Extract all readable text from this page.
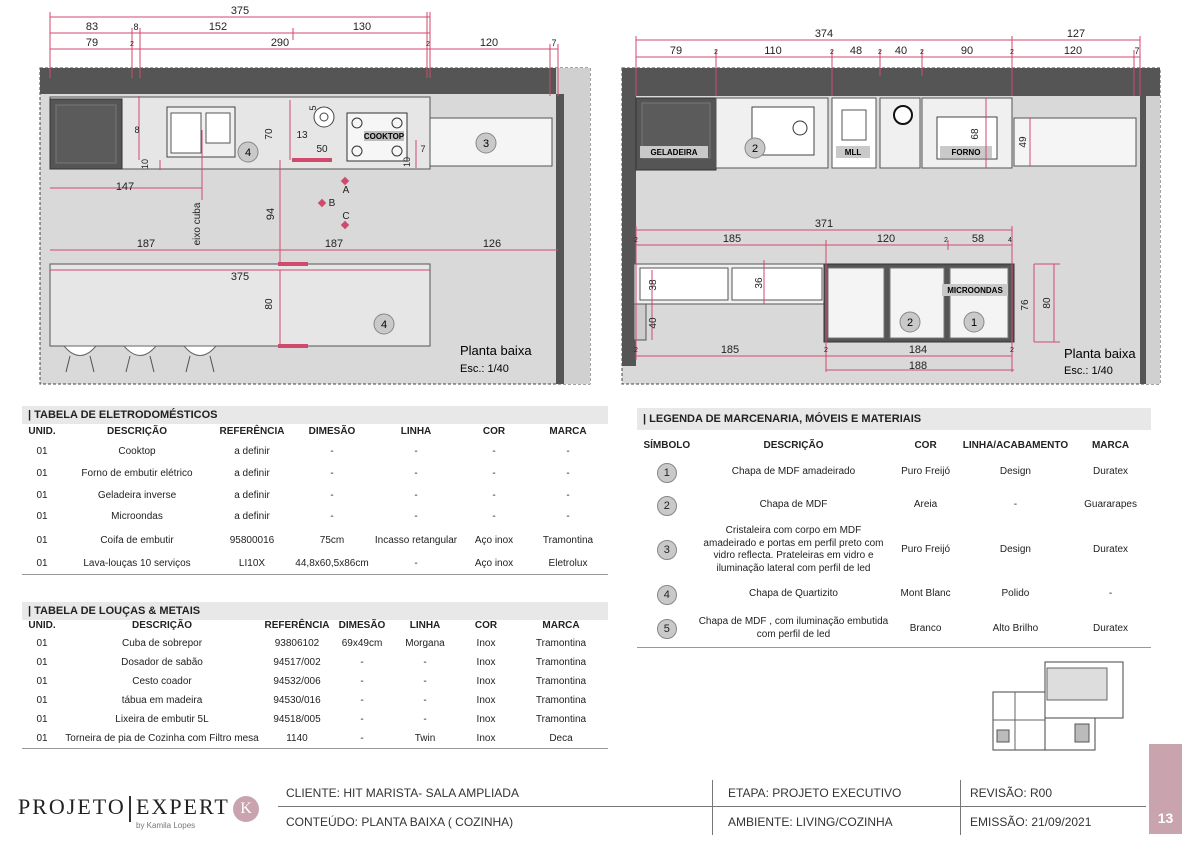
COOKTOP
375
83	8	152	130
79	2	290	2	120	7
8	70
5
13
50
10	10
7
147
eixo cuba	94
A
B
C
187	187	126
375
80
4
3
4
Planta baixa
Esc.: 1/40
GELADEIRA	MLL	FORNO
MICROONDAS
374	127
79	2	110	2 48 2 40 2	90	2	120	7
68
49
371
2	185	120	2 58	4
38	36
40
76 80
2	185	2	184	2
188
2
2	1
Planta baixa
Esc.: 1/40
| TABELA DE ELETRODOMÉSTICOS
UNID.	DESCRIÇÃO	REFERÊNCIA	DIMESÃO	LINHA	COR	MARCA
01	Cooktop	a definir	-	-	-	-
01	Forno de embutir elétrico	a definir	-	-	-	-
01	Geladeira inverse	a definir	-	-	-	-
01	Microondas	a definir	-	-	-	-
01	Coifa de embutir	95800016	75cm	Incasso retangular	Aço inox	Tramontina
01	Lava-louças 10 serviços	LI10X	44,8x60,5x86cm	-	Aço inox	Eletrolux
| TABELA DE LOUÇAS & METAIS
UNID.	DESCRIÇÃO	REFERÊNCIA	DIMESÃO	LINHA	COR	MARCA
01	Cuba de sobrepor	93806102	69x49cm	Morgana	Inox	Tramontina
01	Dosador de sabão	94517/002	-	-	Inox	Tramontina
01	Cesto coador	94532/006	-	-	Inox	Tramontina
01	tábua em madeira	94530/016	-	-	Inox	Tramontina
01	Lixeira de embutir 5L	94518/005	-	-	Inox	Tramontina
01	Torneira de pia de Cozinha com Filtro mesa	1140	-	Twin	Inox	Deca
| LEGENDA DE MARCENARIA, MÓVEIS E MATERIAIS
SÍMBOLO	DESCRIÇÃO	COR	LINHA/ACABAMENTO	MARCA
1	Chapa de MDF amadeirado	Puro Freijó	Design	Duratex
2	Chapa de MDF	Areia	-	Guararapes
3	Cristaleira com corpo em MDF amadeirado e portas em perfil preto com vidro reflecta. Prateleiras em vidro e iluminação lateral com perfil de led	Puro Freijó	Design	Duratex
4	Chapa de Quartizito	Mont Blanc	Polido	-
5	Chapa de MDF , com iluminação embutida com perfil de led	Branco	Alto Brilho	Duratex
PROJETO EXPERT K
by Kamila Lopes
CLIENTE: HIT MARISTA- SALA AMPLIADA
CONTEÚDO: PLANTA BAIXA ( COZINHA)
ETAPA: PROJETO EXECUTIVO
AMBIENTE: LIVING/COZINHA
REVISÃO: R00
EMISSÃO: 21/09/2021	13
